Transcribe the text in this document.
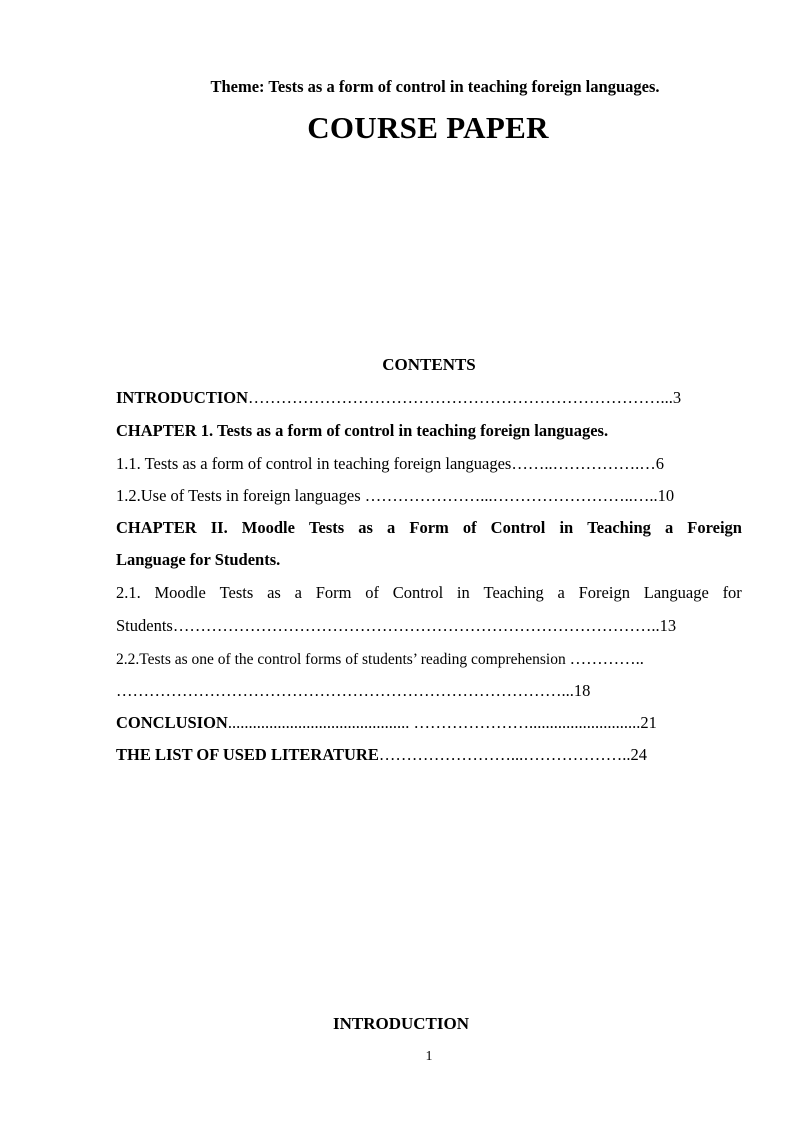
Theme: Tests as a form of control in teaching foreign languages.
COURSE PAPER
CONTENTS
INTRODUCTION…………………………………………………………………...3
CHAPTER 1. Tests as a form of control in teaching foreign languages.
1.1. Tests as a form of control in teaching foreign languages……..…………….…6
1.2.Use of Tests in foreign languages …………………...……………………..…..10
CHAPTER II. Moodle Tests as a Form of Control in Teaching a Foreign
Language for Students.
2.1. Moodle Tests as a Form of Control in Teaching a Foreign Language for
Students……………………………………………………………………………..13
2.2.Tests as one of the control forms of students’ reading comprehension …………..
………………………………………………………………………...18
CONCLUSION............................................ …………………...........................21
THE LIST OF USED LITERATURE……………………...………………..24
INTRODUCTION
1
